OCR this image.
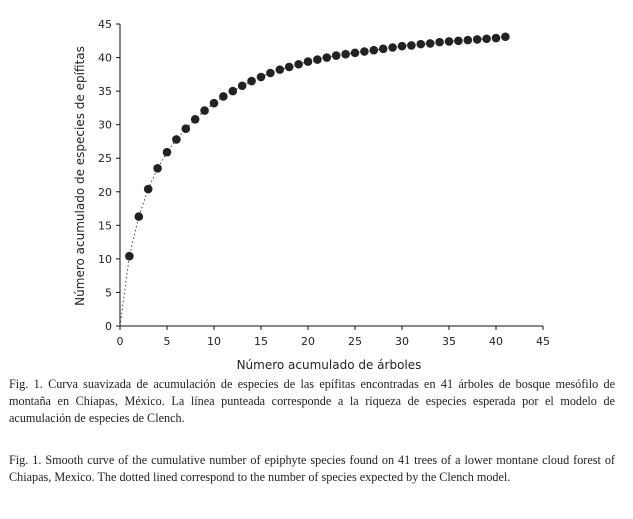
0	5	10	15	20	25	30	35	40	45
0
5
10
15
20
25
30
35
40
45
Número acumulado de árboles
Número acumulado de especies de epífitas

Fig. 1. Curva suavizada de acumulación de especies de las epífitas encontradas en 41 árboles de bosque mesófilo de montaña en Chiapas, México. La línea punteada corresponde a la riqueza de especies esperada por el modelo de acumulación de especies de Clench.

Fig. 1. Smooth curve of the cumulative number of epiphyte species found on 41 trees of a lower montane cloud forest of Chiapas, Mexico. The dotted lined correspond to the number of species expected by the Clench model.
